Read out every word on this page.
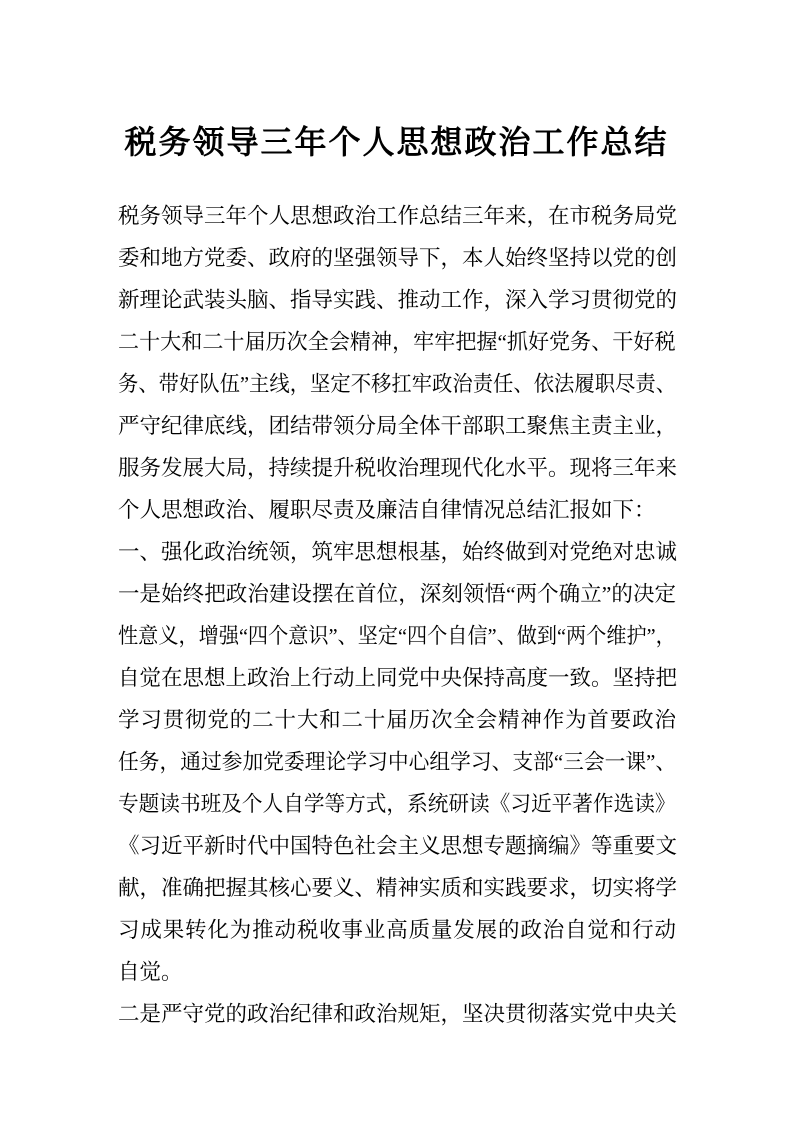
税务领导三年个人思想政治工作总结
税务领导三年个人思想政治工作总结三年来，在市税务局党
委和地方党委、政府的坚强领导下，本人始终坚持以党的创
新理论武装头脑、指导实践、推动工作，深入学习贯彻党的
二十大和二十届历次全会精神，牢牢把握“抓好党务、干好税
务、带好队伍”主线，坚定不移扛牢政治责任、依法履职尽责、
严守纪律底线，团结带领分局全体干部职工聚焦主责主业，
服务发展大局，持续提升税收治理现代化水平。现将三年来
个人思想政治、履职尽责及廉洁自律情况总结汇报如下：
一、强化政治统领，筑牢思想根基，始终做到对党绝对忠诚
一是始终把政治建设摆在首位，深刻领悟“两个确立”的决定
性意义，增强“四个意识”、坚定“四个自信”、做到“两个维护”，
自觉在思想上政治上行动上同党中央保持高度一致。坚持把
学习贯彻党的二十大和二十届历次全会精神作为首要政治
任务，通过参加党委理论学习中心组学习、支部“三会一课”、
专题读书班及个人自学等方式，系统研读《习近平著作选读》
《习近平新时代中国特色社会主义思想专题摘编》等重要文
献，准确把握其核心要义、精神实质和实践要求，切实将学
习成果转化为推动税收事业高质量发展的政治自觉和行动
自觉。
二是严守党的政治纪律和政治规矩，坚决贯彻落实党中央关
